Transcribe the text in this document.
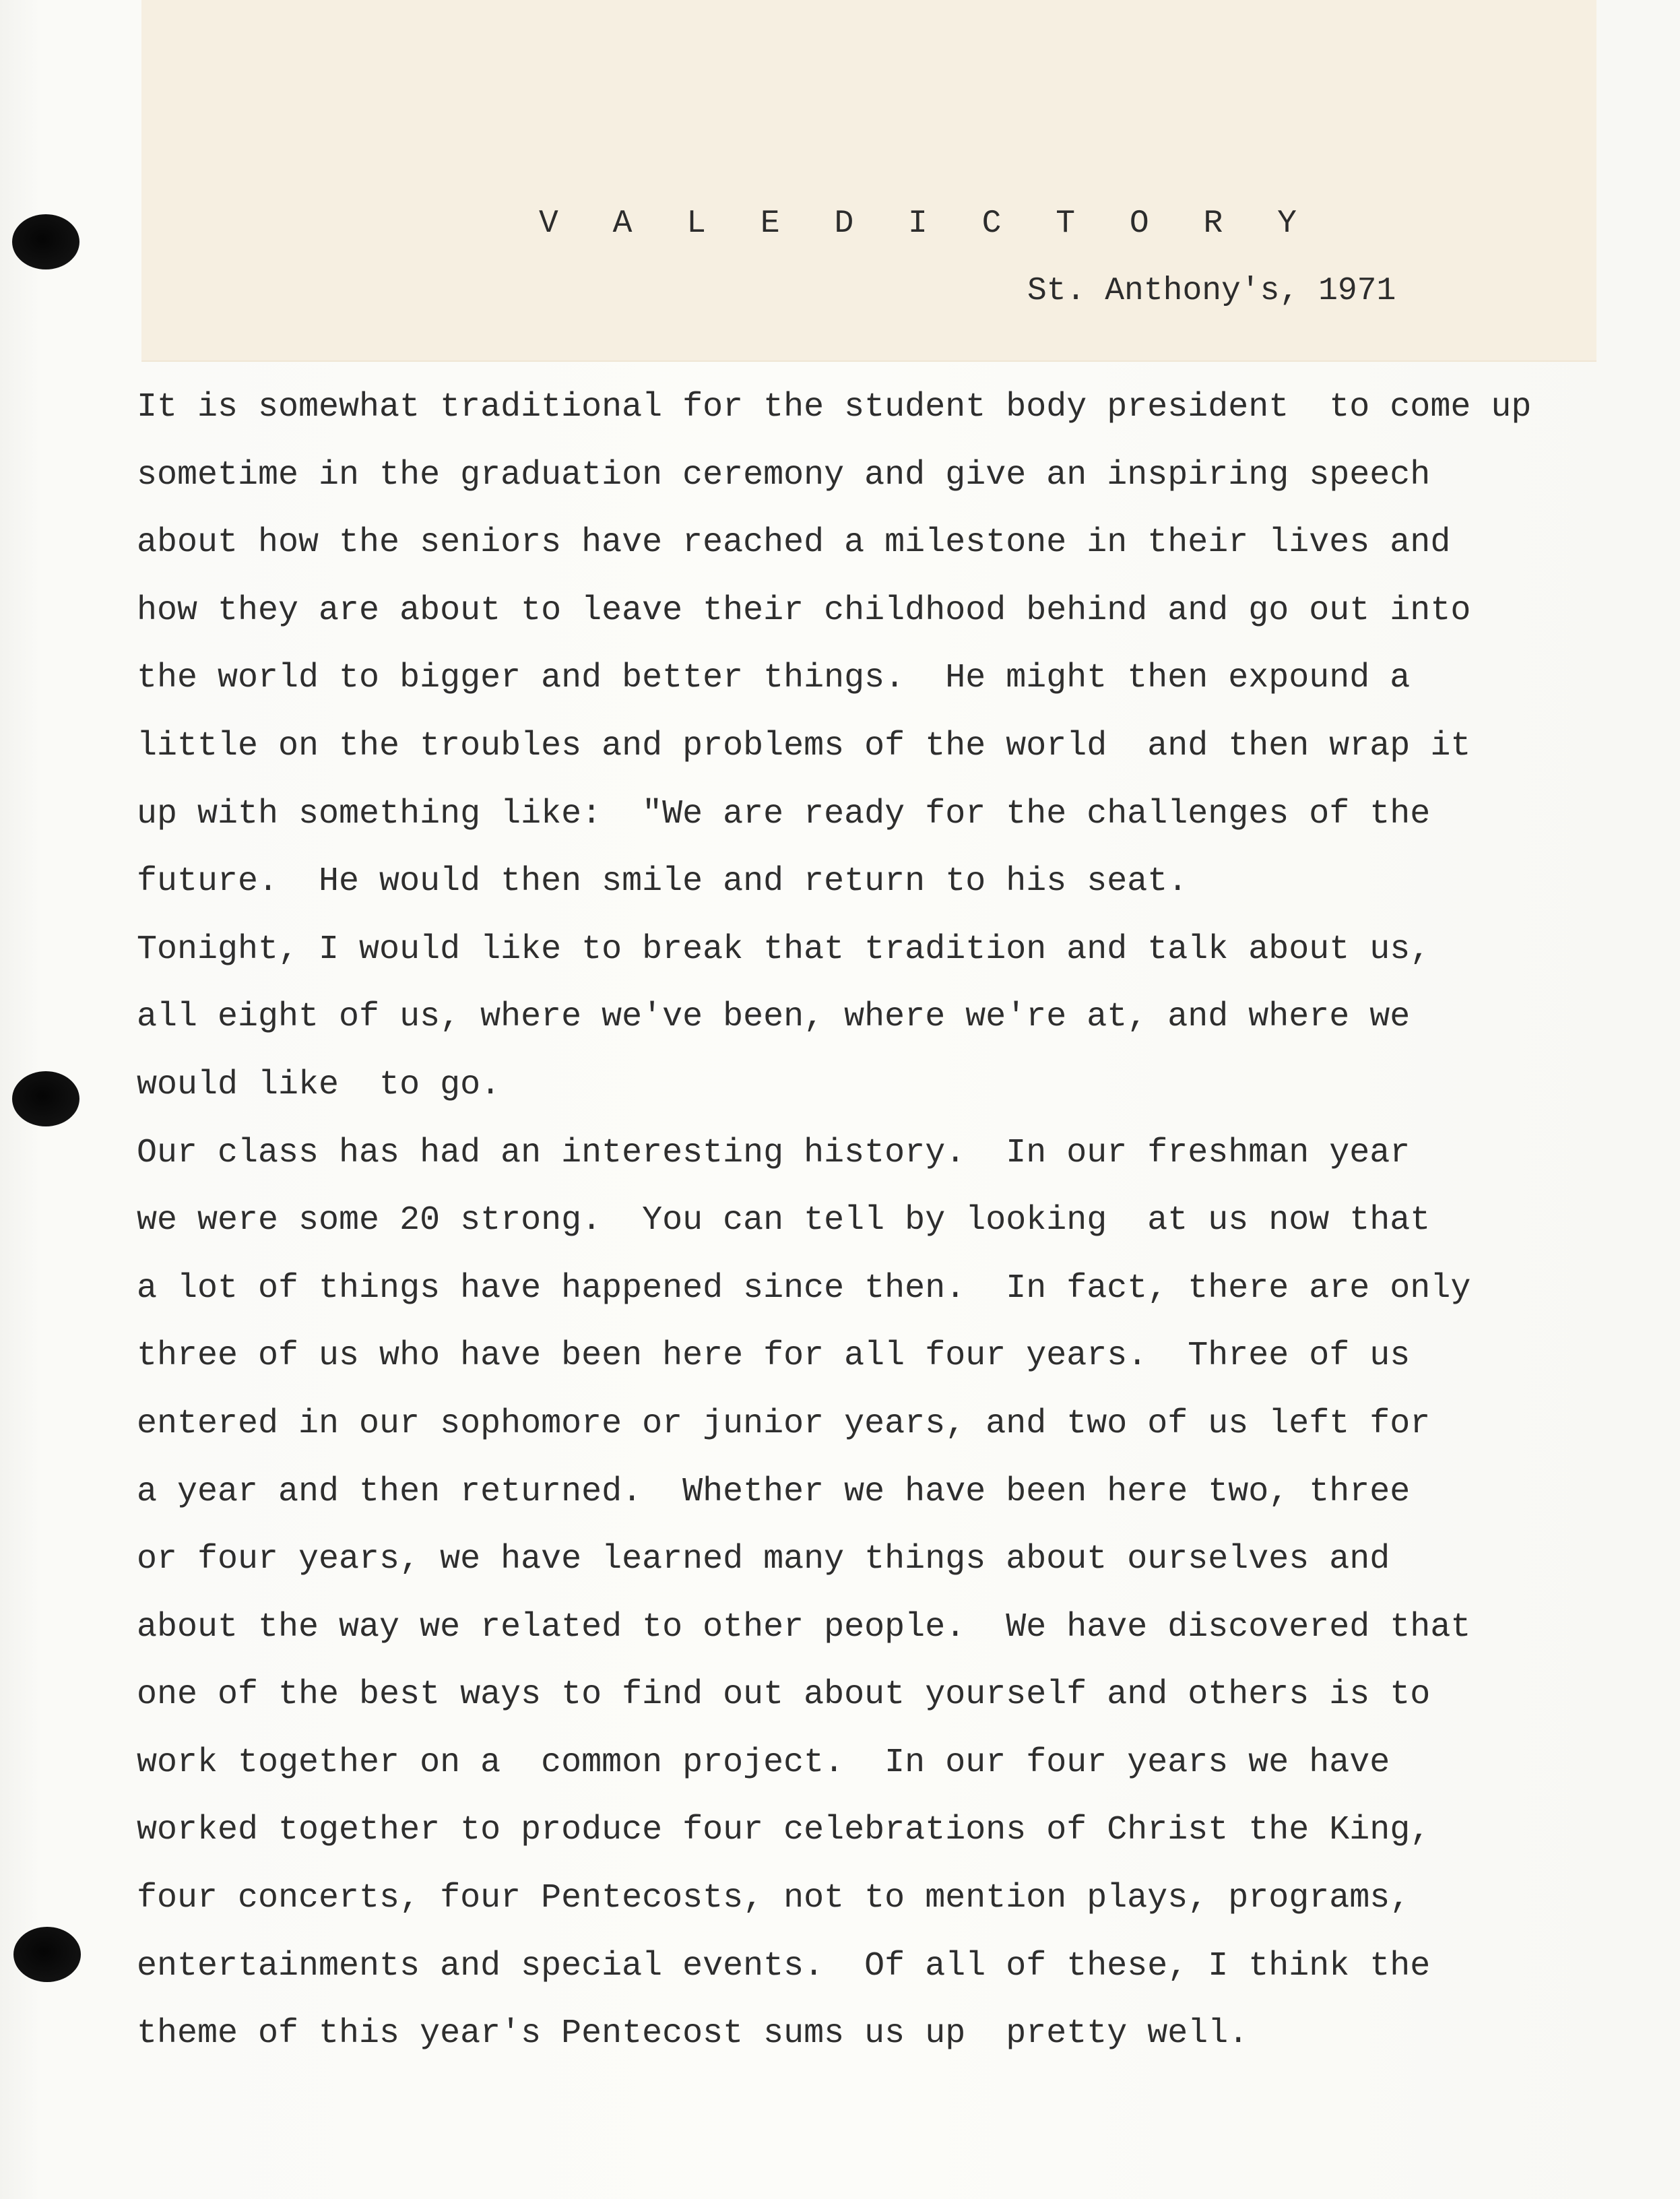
V A L E D I C T O R Y
St. Anthony's, 1971
It is somewhat traditional for the student body president  to come up
sometime in the graduation ceremony and give an inspiring speech
about how the seniors have reached a milestone in their lives and
how they are about to leave their childhood behind and go out into
the world to bigger and better things.  He might then expound a
little on the troubles and problems of the world  and then wrap it
up with something like:  "We are ready for the challenges of the
future.  He would then smile and return to his seat.
Tonight, I would like to break that tradition and talk about us,
all eight of us, where we've been, where we're at, and where we
would like  to go.
Our class has had an interesting history.  In our freshman year
we were some 20 strong.  You can tell by looking  at us now that
a lot of things have happened since then.  In fact, there are only
three of us who have been here for all four years.  Three of us
entered in our sophomore or junior years, and two of us left for
a year and then returned.  Whether we have been here two, three
or four years, we have learned many things about ourselves and
about the way we related to other people.  We have discovered that
one of the best ways to find out about yourself and others is to
work together on a  common project.  In our four years we have
worked together to produce four celebrations of Christ the King,
four concerts, four Pentecosts, not to mention plays, programs,
entertainments and special events.  Of all of these, I think the
theme of this year's Pentecost sums us up  pretty well.
